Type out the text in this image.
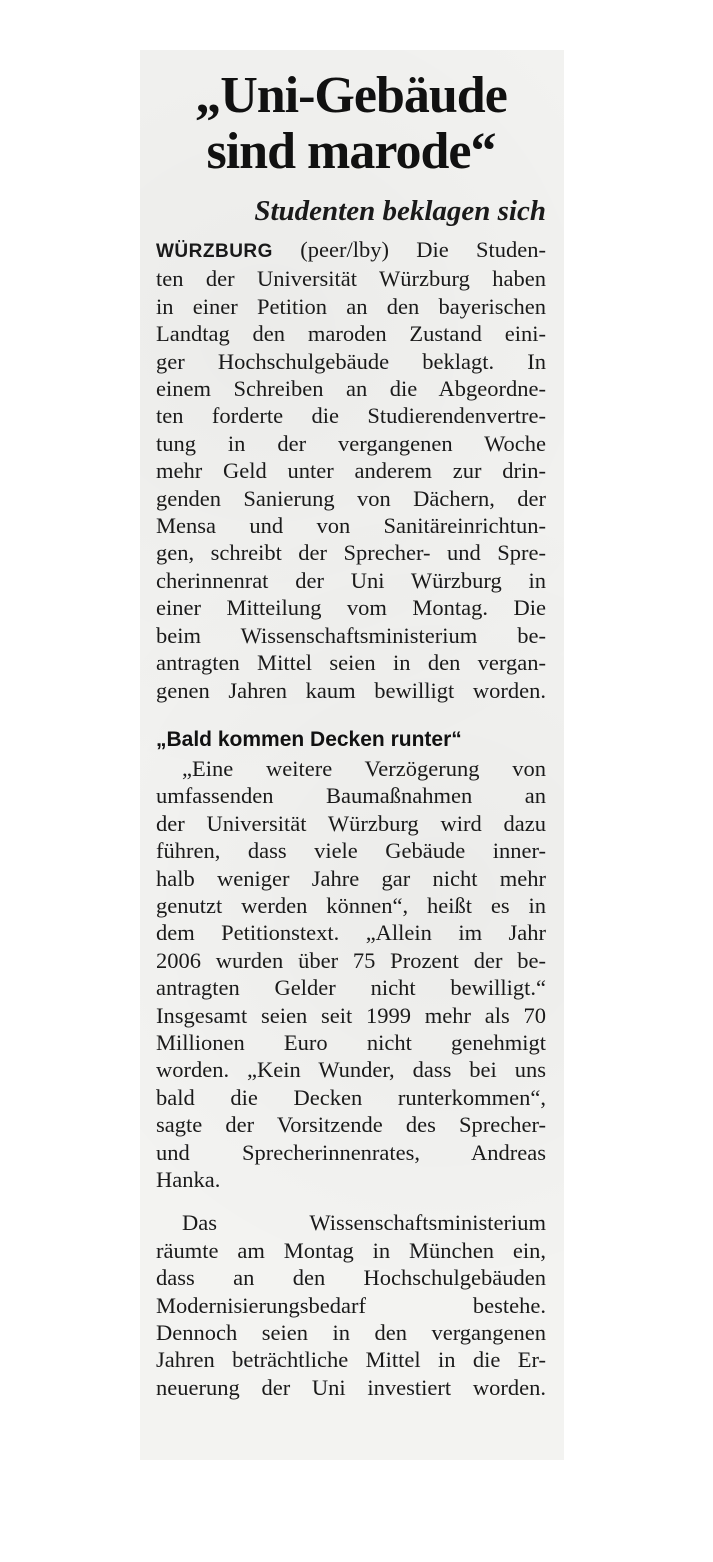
„Uni-Gebäude
sind marode“
Studenten beklagen sich
WÜRZBURG (peer/lby) Die Studen-
ten der Universität Würzburg haben
in einer Petition an den bayerischen
Landtag den maroden Zustand eini-
ger Hochschulgebäude beklagt. In
einem Schreiben an die Abgeordne-
ten forderte die Studierendenvertre-
tung in der vergangenen Woche
mehr Geld unter anderem zur drin-
genden Sanierung von Dächern, der
Mensa und von Sanitäreinrichtun-
gen, schreibt der Sprecher- und Spre-
cherinnenrat der Uni Würzburg in
einer Mitteilung vom Montag. Die
beim Wissenschaftsministerium be-
antragten Mittel seien in den vergan-
genen Jahren kaum bewilligt worden.
„Bald kommen Decken runter“
„Eine weitere Verzögerung von
umfassenden Baumaßnahmen an
der Universität Würzburg wird dazu
führen, dass viele Gebäude inner-
halb weniger Jahre gar nicht mehr
genutzt werden können“, heißt es in
dem Petitionstext. „Allein im Jahr
2006 wurden über 75 Prozent der be-
antragten Gelder nicht bewilligt.“
Insgesamt seien seit 1999 mehr als 70
Millionen Euro nicht genehmigt
worden. „Kein Wunder, dass bei uns
bald die Decken runterkommen“,
sagte der Vorsitzende des Sprecher-
und Sprecherinnenrates, Andreas
Hanka.
Das Wissenschaftsministerium
räumte am Montag in München ein,
dass an den Hochschulgebäuden
Modernisierungsbedarf bestehe.
Dennoch seien in den vergangenen
Jahren beträchtliche Mittel in die Er-
neuerung der Uni investiert worden.
